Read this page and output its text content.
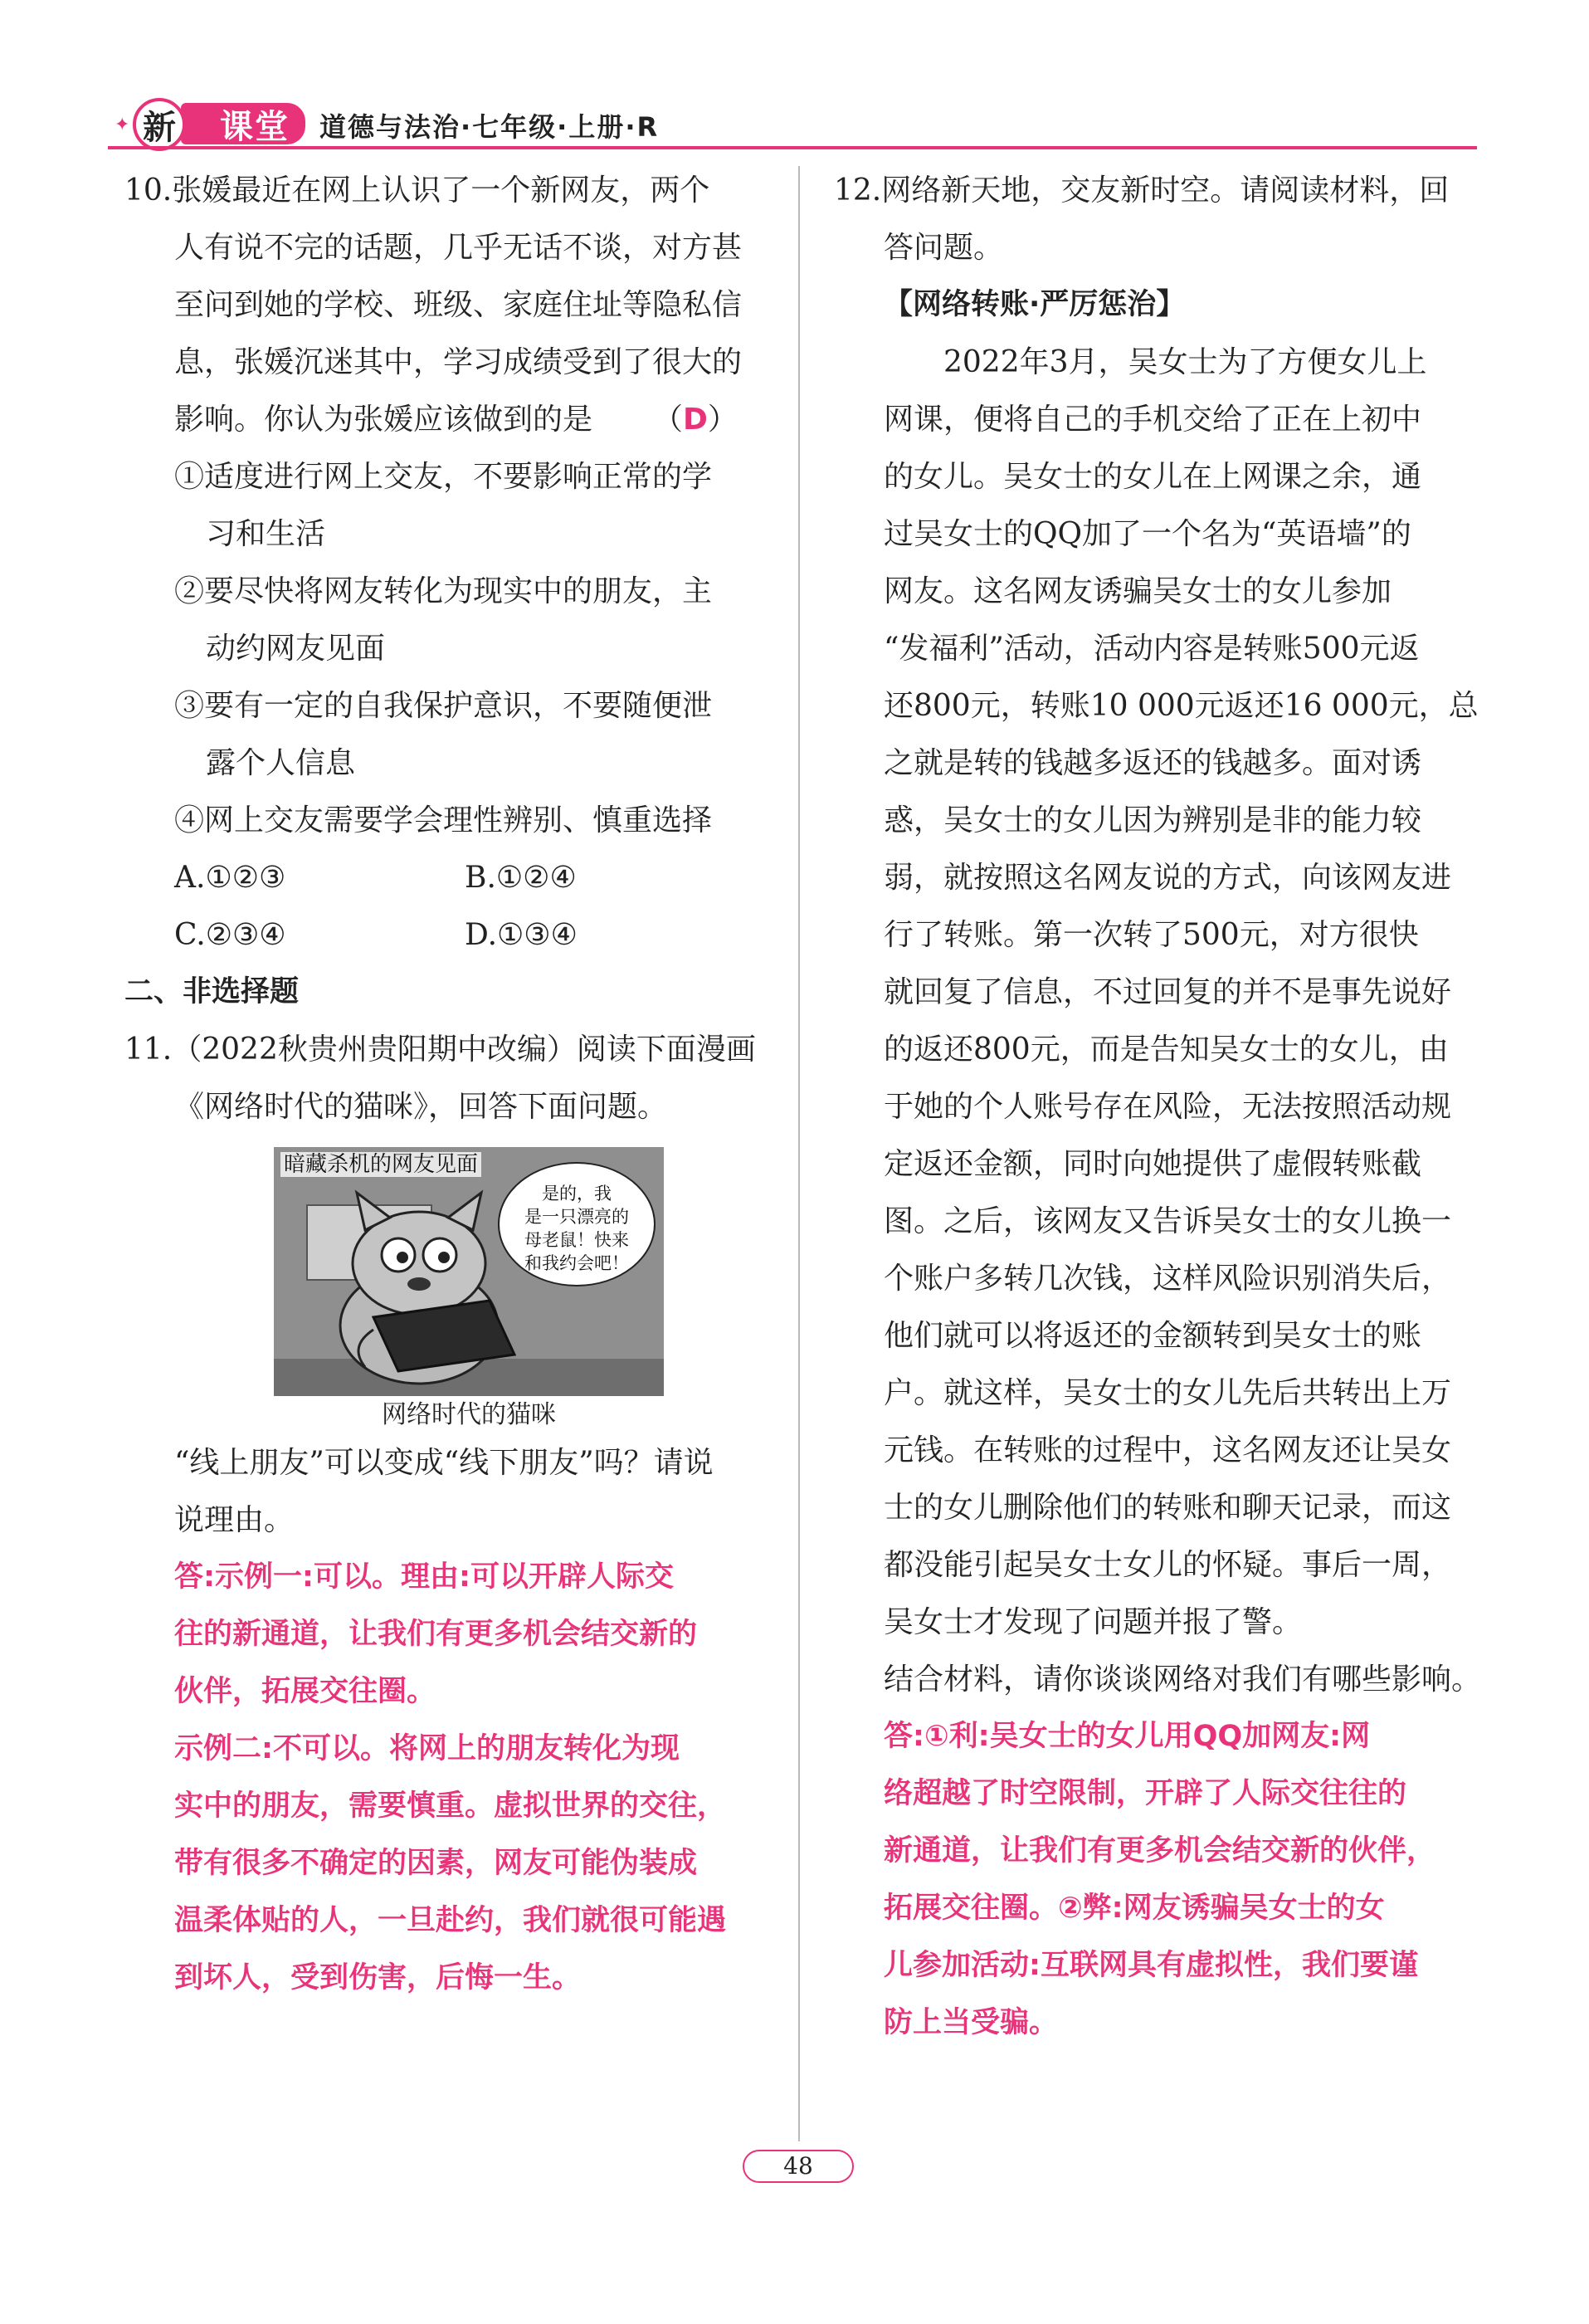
✦	课堂
新	道德与法治·七年级·上册·R

10.张媛最近在网上认识了一个新网友，两个

人有说不完的话题，几乎无话不谈，对方甚

至问到她的学校、班级、家庭住址等隐私信

息，张媛沉迷其中，学习成绩受到了很大的

影响。你认为张媛应该做到的是 （D）

①适度进行网上交友，不要影响正常的学

习和生活

②要尽快将网友转化为现实中的朋友，主

动约网友见面

③要有一定的自我保护意识，不要随便泄

露个人信息

④网上交友需要学会理性辨别、慎重选择

A.①②③	B.①②④
C.②③④	D.①③④

二、非选择题

11.（2022秋贵州贵阳期中改编）阅读下面漫画

《网络时代的猫咪》，回答下面问题。

暗藏杀机的网友见面
是的，我
是一只漂亮的
母老鼠！快来
和我约会吧！
网络时代的猫咪

“线上朋友”可以变成“线下朋友”吗？请说

说理由。

答:示例一:可以。理由:可以开辟人际交

往的新通道，让我们有更多机会结交新的

伙伴，拓展交往圈。

示例二:不可以。将网上的朋友转化为现

实中的朋友，需要慎重。虚拟世界的交往，

带有很多不确定的因素，网友可能伪装成

温柔体贴的人，一旦赴约，我们就很可能遇

到坏人，受到伤害，后悔一生。

12.网络新天地，交友新时空。请阅读材料，回

答问题。

【网络转账·严厉惩治】

2022年3月，吴女士为了方便女儿上

网课，便将自己的手机交给了正在上初中

的女儿。吴女士的女儿在上网课之余，通

过吴女士的QQ加了一个名为“英语墙”的

网友。这名网友诱骗吴女士的女儿参加

“发福利”活动，活动内容是转账500元返

还800元，转账10 000元返还16 000元，总

之就是转的钱越多返还的钱越多。面对诱

惑，吴女士的女儿因为辨别是非的能力较

弱，就按照这名网友说的方式，向该网友进

行了转账。第一次转了500元，对方很快

就回复了信息，不过回复的并不是事先说好

的返还800元，而是告知吴女士的女儿，由

于她的个人账号存在风险，无法按照活动规

定返还金额，同时向她提供了虚假转账截

图。之后，该网友又告诉吴女士的女儿换一

个账户多转几次钱，这样风险识别消失后，

他们就可以将返还的金额转到吴女士的账

户。就这样，吴女士的女儿先后共转出上万

元钱。在转账的过程中，这名网友还让吴女

士的女儿删除他们的转账和聊天记录，而这

都没能引起吴女士女儿的怀疑。事后一周，

吴女士才发现了问题并报了警。

结合材料，请你谈谈网络对我们有哪些影响。

答:①利:吴女士的女儿用QQ加网友:网

络超越了时空限制，开辟了人际交往往的

新通道，让我们有更多机会结交新的伙伴，

拓展交往圈。②弊:网友诱骗吴女士的女

儿参加活动:互联网具有虚拟性，我们要谨

防上当受骗。

48
